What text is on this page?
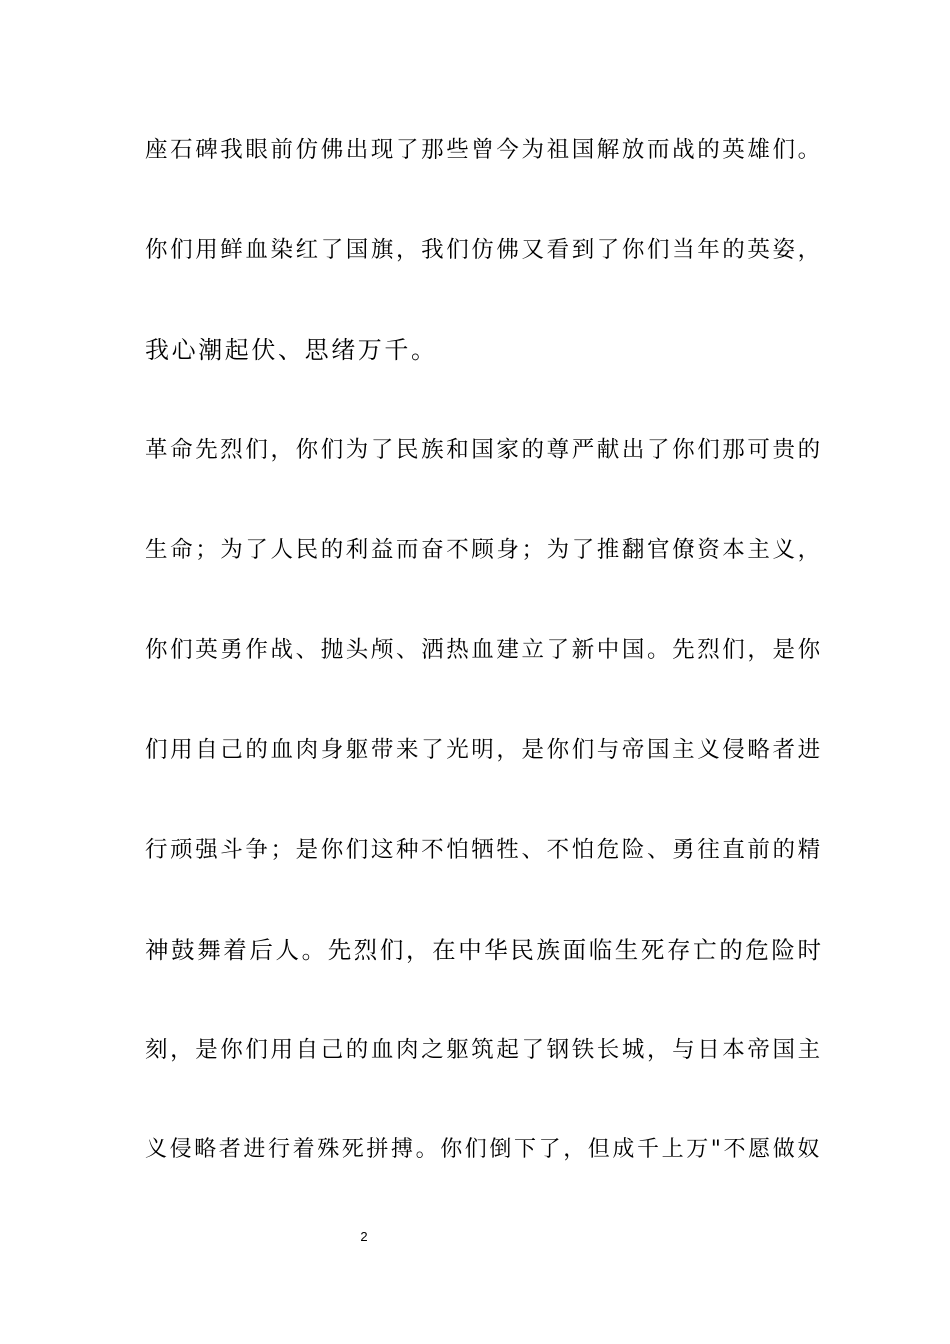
座石碑我眼前仿佛出现了那些曾今为祖国解放而战的英雄们。
你们用鲜血染红了国旗，我们仿佛又看到了你们当年的英姿，
我心潮起伏、思绪万千。
革命先烈们，你们为了民族和国家的尊严献出了你们那可贵的
生命；为了人民的利益而奋不顾身；为了推翻官僚资本主义，
你们英勇作战、抛头颅、洒热血建立了新中国。先烈们，是你
们用自己的血肉身躯带来了光明，是你们与帝国主义侵略者进
行顽强斗争；是你们这种不怕牺牲、不怕危险、勇往直前的精
神鼓舞着后人。先烈们，在中华民族面临生死存亡的危险时
刻，是你们用自己的血肉之躯筑起了钢铁长城，与日本帝国主
义侵略者进行着殊死拼搏。你们倒下了，但成千上万"不愿做奴
2
